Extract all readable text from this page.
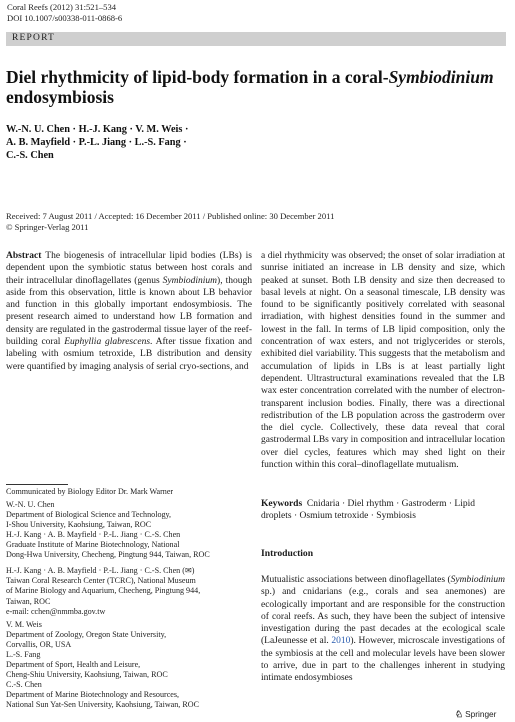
Coral Reefs (2012) 31:521–534
DOI 10.1007/s00338-011-0868-6
REPORT
Diel rhythmicity of lipid-body formation in a coral-Symbiodinium endosymbiosis
W.-N. U. Chen · H.-J. Kang · V. M. Weis ·
A. B. Mayfield · P.-L. Jiang · L.-S. Fang ·
C.-S. Chen
Received: 7 August 2011 / Accepted: 16 December 2011 / Published online: 30 December 2011
© Springer-Verlag 2011

Abstract The biogenesis of intracellular lipid bodies (LBs) is dependent upon the symbiotic status between host corals and their intracellular dinoflagellates (genus Symbiodinium), though aside from this observation, little is known about LB behavior and function in this globally important endosymbiosis. The present research aimed to understand how LB formation and density are regulated in the gastrodermal tissue layer of the reef-building coral Euphyllia glabrescens. After tissue fixation and labeling with osmium tetroxide, LB distribution and density were quantified by imaging analysis of serial cryo-sections, and

a diel rhythmicity was observed; the onset of solar irradiation at sunrise initiated an increase in LB density and size, which peaked at sunset. Both LB density and size then decreased to basal levels at night. On a seasonal timescale, LB density was found to be significantly positively correlated with seasonal irradiation, with highest densities found in the summer and lowest in the fall. In terms of LB lipid composition, only the concentration of wax esters, and not triglycerides or sterols, exhibited diel variability. This suggests that the metabolism and accumulation of lipids in LBs is at least partially light dependent. Ultrastructural examinations revealed that the LB wax ester concentration correlated with the number of electron-transparent inclusion bodies. Finally, there was a directional redistribution of the LB population across the gastroderm over the diel cycle. Collectively, these data reveal that coral gastrodermal LBs vary in composition and intracellular location over diel cycles, features which may shed light on their function within this coral–dinoflagellate mutualism.

Communicated by Biology Editor Dr. Mark Warner
W.-N. U. Chen
Department of Biological Science and Technology,
I-Shou University, Kaohsiung, Taiwan, ROC
H.-J. Kang · A. B. Mayfield · P.-L. Jiang · C.-S. Chen
Graduate Institute of Marine Biotechnology, National
Dong-Hwa University, Checheng, Pingtung 944, Taiwan, ROC
H.-J. Kang · A. B. Mayfield · P.-L. Jiang · C.-S. Chen (✉)
Taiwan Coral Research Center (TCRC), National Museum
of Marine Biology and Aquarium, Checheng, Pingtung 944,
Taiwan, ROC
e-mail: cchen@nmmba.gov.tw
V. M. Weis
Department of Zoology, Oregon State University,
Corvallis, OR, USA
L.-S. Fang
Department of Sport, Health and Leisure,
Cheng-Shiu University, Kaohsiung, Taiwan, ROC
Keywords Cnidaria · Diel rhythm · Gastroderm · Lipid droplets · Osmium tetroxide · Symbiosis
Introduction

Mutualistic associations between dinoflagellates (Symbiodinium sp.) and cnidarians (e.g., corals and sea anemones) are ecologically important and are responsible for the construction of coral reefs. As such, they have been the subject of intensive investigation during the past decades at the ecological scale (LaJeunesse et al. 2010). However, microscale investigations of the symbiosis at the cell and molecular levels have been slower to arrive, due in part to the challenges inherent in studying intimate endosymbioses

♘ Springer
C.-S. Chen
Department of Marine Biotechnology and Resources,
National Sun Yat-Sen University, Kaohsiung, Taiwan, ROC
